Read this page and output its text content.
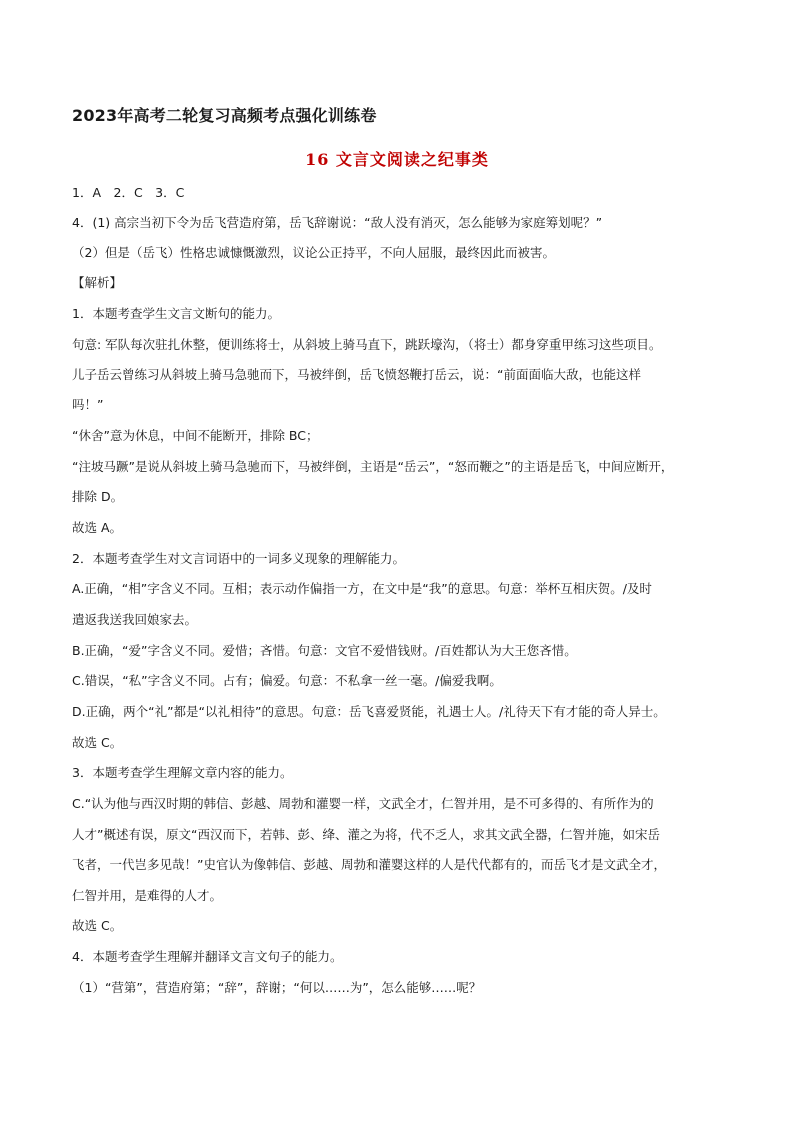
2023年高考二轮复习高频考点强化训练卷
16 文言文阅读之纪事类
1．A　2．C　3．C
4．(1) 高宗当初下令为岳飞营造府第，岳飞辞谢说：“敌人没有消灭，怎么能够为家庭筹划呢？”
（2）但是（岳飞）性格忠诚慷慨激烈，议论公正持平，不向人屈服，最终因此而被害。
【解析】
1．本题考查学生文言文断句的能力。
句意: 军队每次驻扎休整，便训练将士，从斜坡上骑马直下，跳跃壕沟，（将士）都身穿重甲练习这些项目。
儿子岳云曾练习从斜坡上骑马急驰而下，马被绊倒，岳飞愤怒鞭打岳云，说：“前面面临大敌，也能这样
吗！”
“休舍”意为休息，中间不能断开，排除 BC；
“注坡马蹶”是说从斜坡上骑马急驰而下，马被绊倒，主语是“岳云”，“怒而鞭之”的主语是岳飞，中间应断开，
排除 D。
故选 A。
2．本题考查学生对文言词语中的一词多义现象的理解能力。
A.正确，“相”字含义不同。互相；表示动作偏指一方，在文中是“我”的意思。句意：举杯互相庆贺。/及时
遣返我送我回娘家去。
B.正确，“爱”字含义不同。爱惜；吝惜。句意：文官不爱惜钱财。/百姓都认为大王您吝惜。
C.错误，“私”字含义不同。占有；偏爱。句意：不私拿一丝一毫。/偏爱我啊。
D.正确，两个“礼”都是“以礼相待”的意思。句意：岳飞喜爱贤能，礼遇士人。/礼待天下有才能的奇人异士。
故选 C。
3．本题考查学生理解文章内容的能力。
C.“认为他与西汉时期的韩信、彭越、周勃和灌婴一样，文武全才，仁智并用，是不可多得的、有所作为的
人才”概述有误，原文“西汉而下，若韩、彭、绛、灌之为将，代不乏人，求其文武全器，仁智并施，如宋岳
飞者，一代岂多见哉！”史官认为像韩信、彭越、周勃和灌婴这样的人是代代都有的，而岳飞才是文武全才，
仁智并用，是难得的人才。
故选 C。
4．本题考查学生理解并翻译文言文句子的能力。
（1）“营第”，营造府第；“辞”，辞谢；“何以……为”，怎么能够……呢？
